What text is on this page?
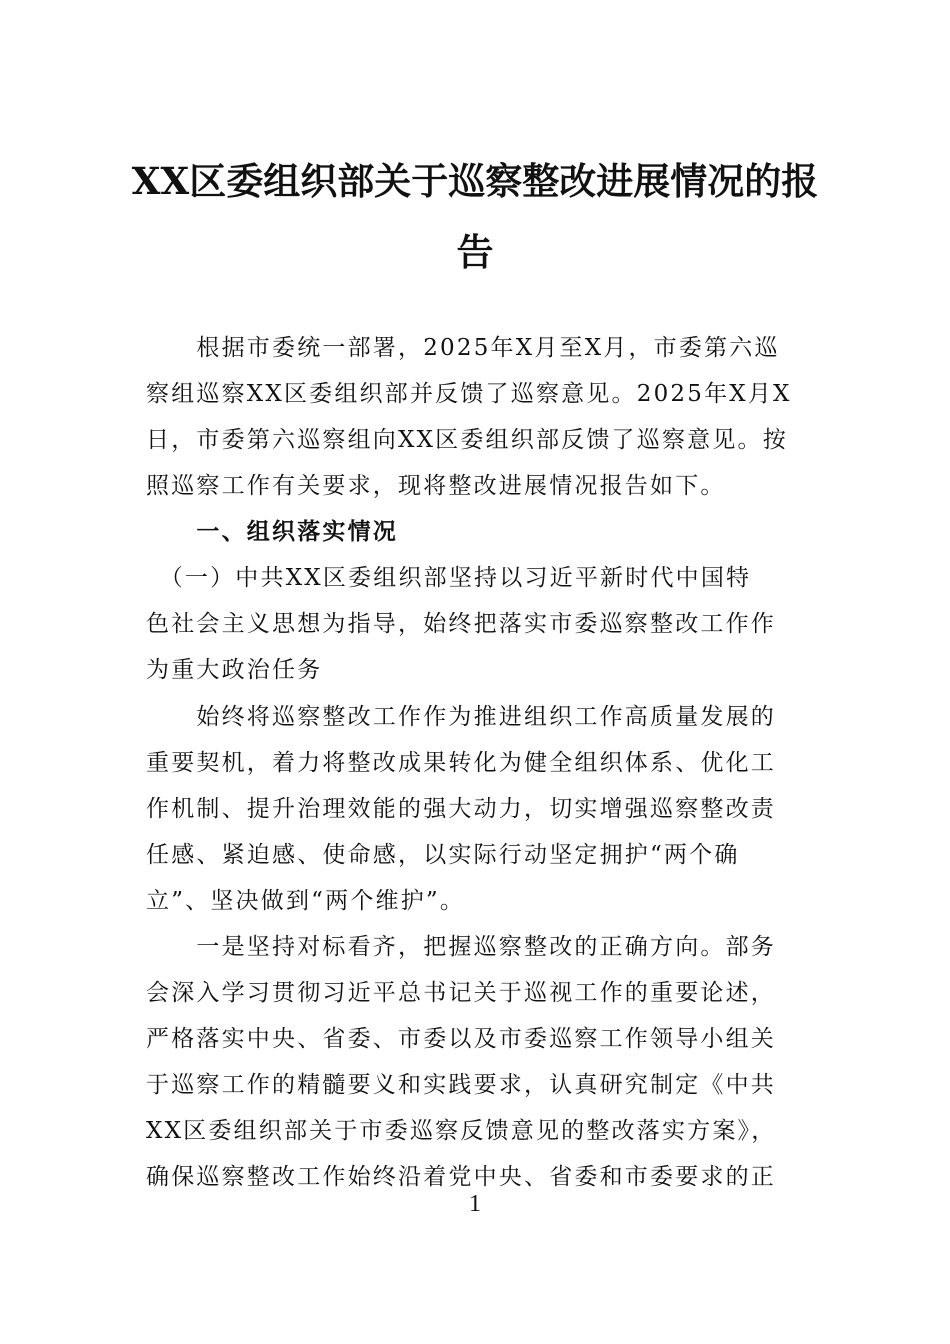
XX区委组织部关于巡察整改进展情况的报
告
　　根据市委统一部署，2025年X月至X月，市委第六巡
察组巡察XX区委组织部并反馈了巡察意见。2025年X月X
日，市委第六巡察组向XX区委组织部反馈了巡察意见。按
照巡察工作有关要求，现将整改进展情况报告如下。
　　一、组织落实情况
　（一）中共XX区委组织部坚持以习近平新时代中国特
色社会主义思想为指导，始终把落实市委巡察整改工作作
为重大政治任务
　　始终将巡察整改工作作为推进组织工作高质量发展的
重要契机，着力将整改成果转化为健全组织体系、优化工
作机制、提升治理效能的强大动力，切实增强巡察整改责
任感、紧迫感、使命感，以实际行动坚定拥护“两个确
立”、坚决做到“两个维护”。
　　一是坚持对标看齐，把握巡察整改的正确方向。部务
会深入学习贯彻习近平总书记关于巡视工作的重要论述，
严格落实中央、省委、市委以及市委巡察工作领导小组关
于巡察工作的精髓要义和实践要求，认真研究制定《中共
XX区委组织部关于市委巡察反馈意见的整改落实方案》，
确保巡察整改工作始终沿着党中央、省委和市委要求的正
1
